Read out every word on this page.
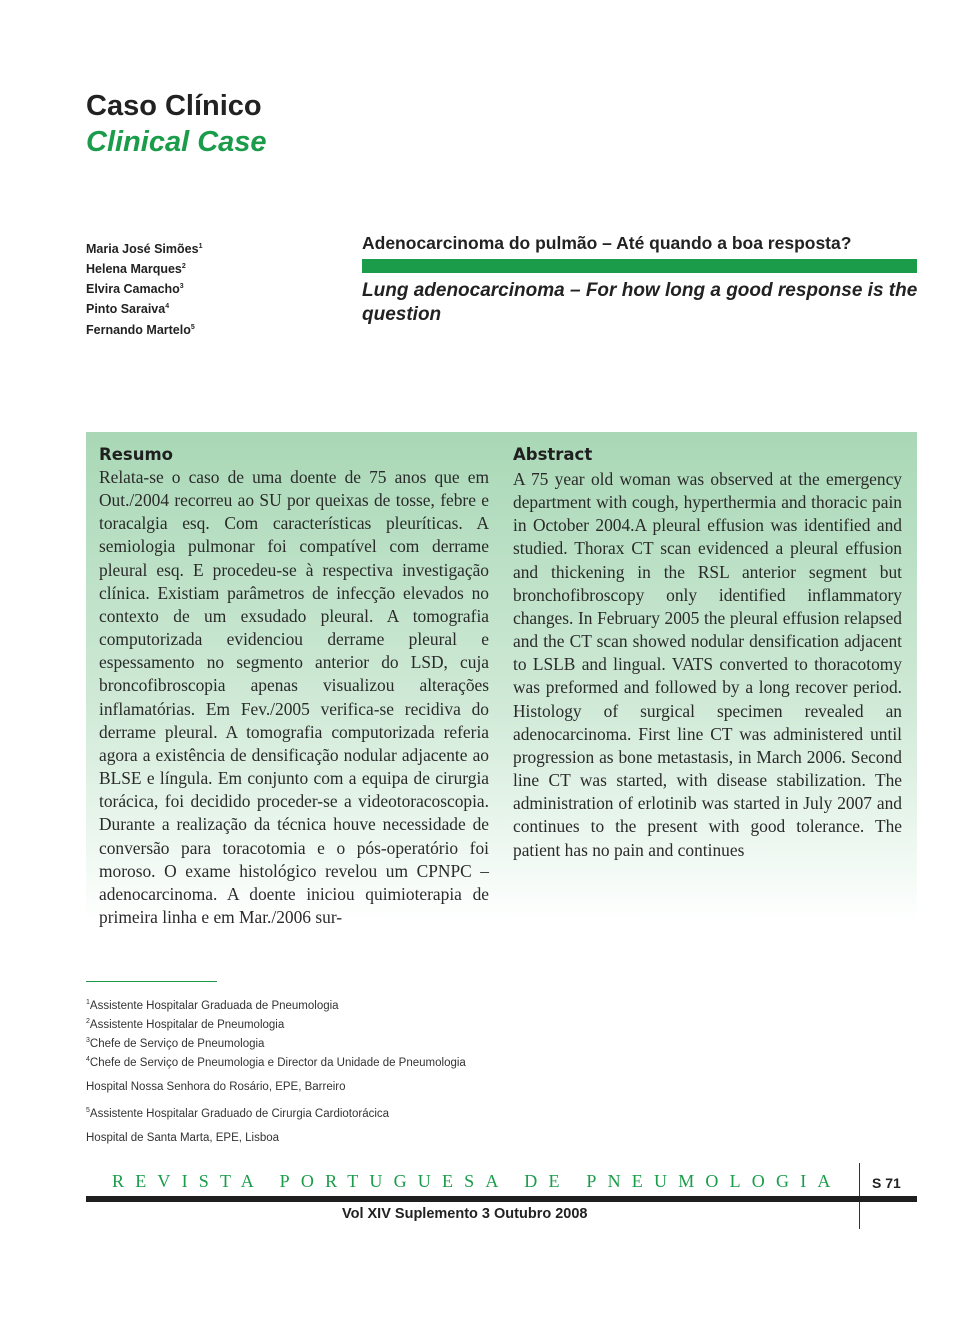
Caso Clínico
Clinical Case
Maria José Simões$^1$
Helena Marques$^2$
Elvira Camacho$^3$
Pinto Saraiva$^4$
Fernando Martelo$^5$
Adenocarcinoma do pulmão – Até quando a boa resposta?
Lung adenocarcinoma – For how long a good response is the question
Resumo
Relata-se o caso de uma doente de 75 anos que em Out./2004 recorreu ao SU por queixas de tosse, febre e toracalgia esq. Com características pleuríticas. A semiologia pulmonar foi compatível com derrame pleural esq. E procedeu-se à respectiva investigação clínica. Existiam parâmetros de infecção elevados no contexto de um exsudado pleural. A tomografia computorizada evidenciou derrame pleural e espessamento no segmento anterior do LSD, cuja broncofibroscopia apenas visualizou alterações inflamatórias. Em Fev./2005 verifica-se recidiva do derrame pleural. A tomografia computorizada referia agora a existência de densificação nodular adjacente ao BLSE e língula. Em conjunto com a equipa de cirurgia torácica, foi decidido proceder-se a videotoracoscopia. Durante a realização da técnica houve necessidade de conversão para toracotomia e o pós-operatório foi moroso. O exame histológico revelou um CPNPC – adenocarcinoma. A doente iniciou quimioterapia de primeira linha e em Mar./2006 sur-
Abstract
A 75 year old woman was observed at the emergency department with cough, hyperthermia and thoracic pain in October 2004.A pleural effusion was identified and studied. Thorax CT scan evidenced a pleural effusion and thickening in the RSL anterior segment but bronchofibroscopy only identified inflammatory changes. In February 2005 the pleural effusion relapsed and the CT scan showed nodular densification adjacent to LSLB and lingual. VATS converted to thoracotomy was preformed and followed by a long recover period. Histology of surgical specimen revealed an adenocarcinoma. First line CT was administered until progression as bone metastasis, in March 2006. Second line CT was started, with disease stabilization. The administration of erlotinib was started in July 2007 and continues to the present with good tolerance. The patient has no pain and continues
$^1$Assistente Hospitalar Graduada de Pneumologia
$^2$Assistente Hospitalar de Pneumologia
$^3$Chefe de Serviço de Pneumologia
$^4$Chefe de Serviço de Pneumologia e Director da Unidade de Pneumologia
Hospital Nossa Senhora do Rosário, EPE, Barreiro
$^5$Assistente Hospitalar Graduado de Cirurgia Cardiotorácica
Hospital de Santa Marta, EPE, Lisboa
REVISTA PORTUGUESA DE PNEUMOLOGIA	S 71
Vol XIV Suplemento 3 Outubro 2008
